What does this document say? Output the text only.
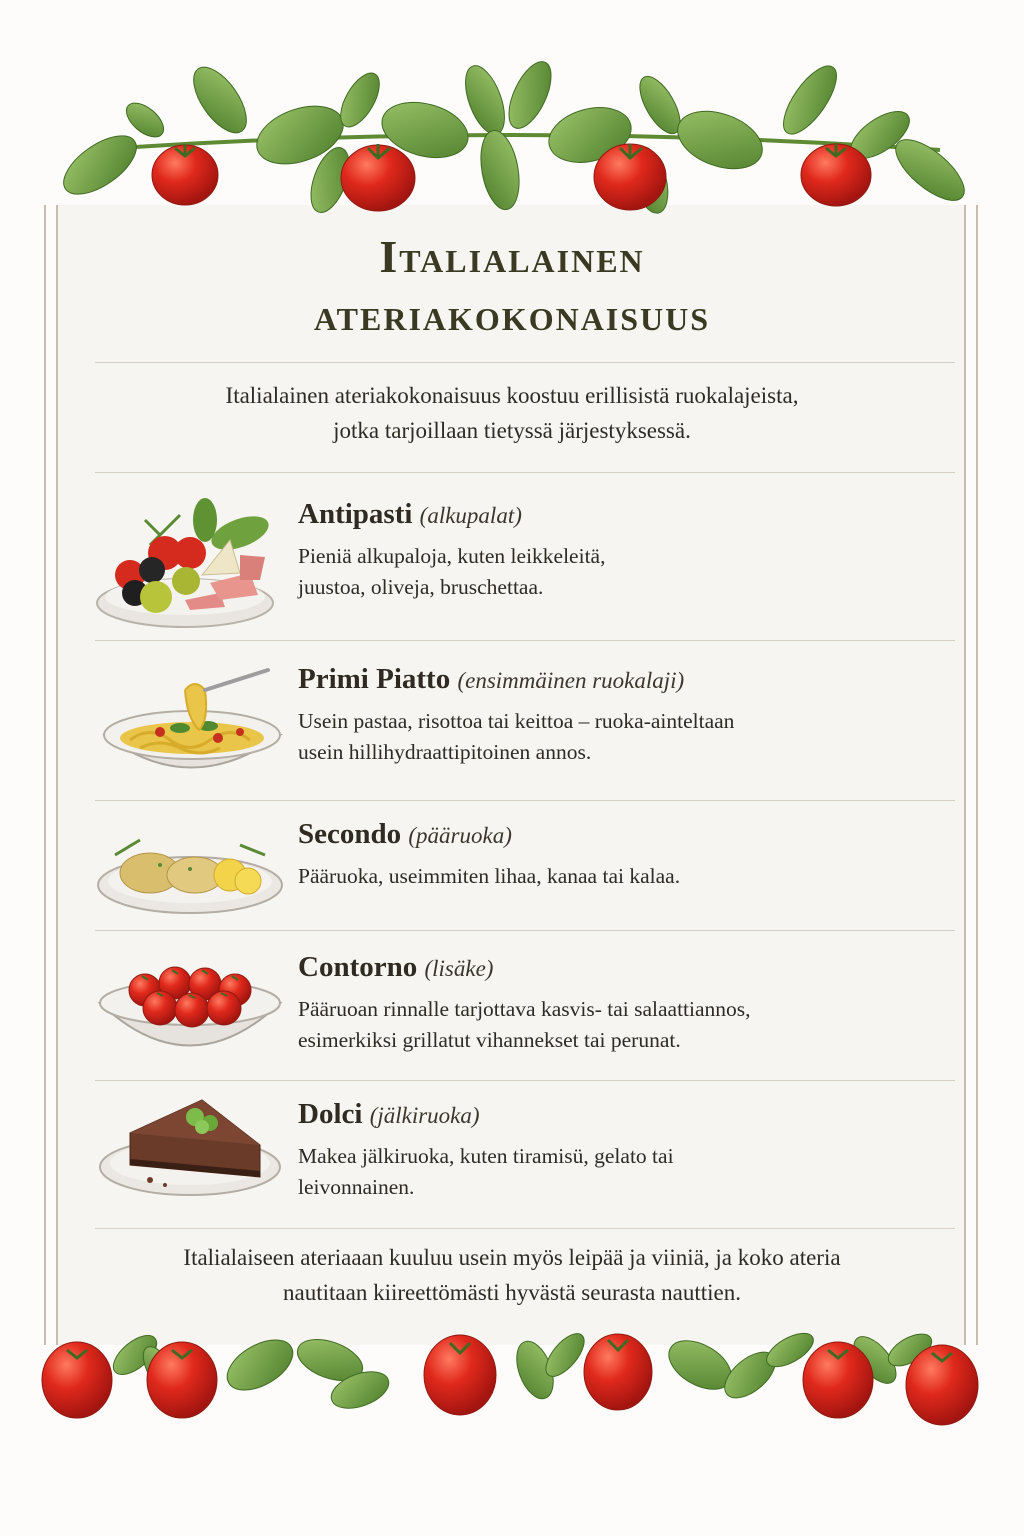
Italialainen
ateriakokonaisuus
Italialainen ateriakokonaisuus koostuu erillisistä ruokalajeista,
jotka tarjoillaan tietyssä järjestyksessä.
Antipasti (alkupalat)
Pieniä alkupaloja, kuten leikkeleitä,
juustoa, oliveja, bruschettaa.
Primi Piatto (ensimmäinen ruokalaji)
Usein pastaa, risottoa tai keittoa – ruoka-ainteltaan
usein hillihydraattipitoinen annos.
Secondo (pääruoka)
Pääruoka, useimmiten lihaa, kanaa tai kalaa.
Contorno (lisäke)
Pääruoan rinnalle tarjottava kasvis- tai salaattiannos,
esimerkiksi grillatut vihannekset tai perunat.
Dolci (jälkiruoka)
Makea jälkiruoka, kuten tiramisü, gelato tai
leivonnainen.
Italialaiseen ateriaaan kuuluu usein myös leipää ja viiniä, ja koko ateria
nautitaan kiireettömästi hyvästä seurasta nauttien.
